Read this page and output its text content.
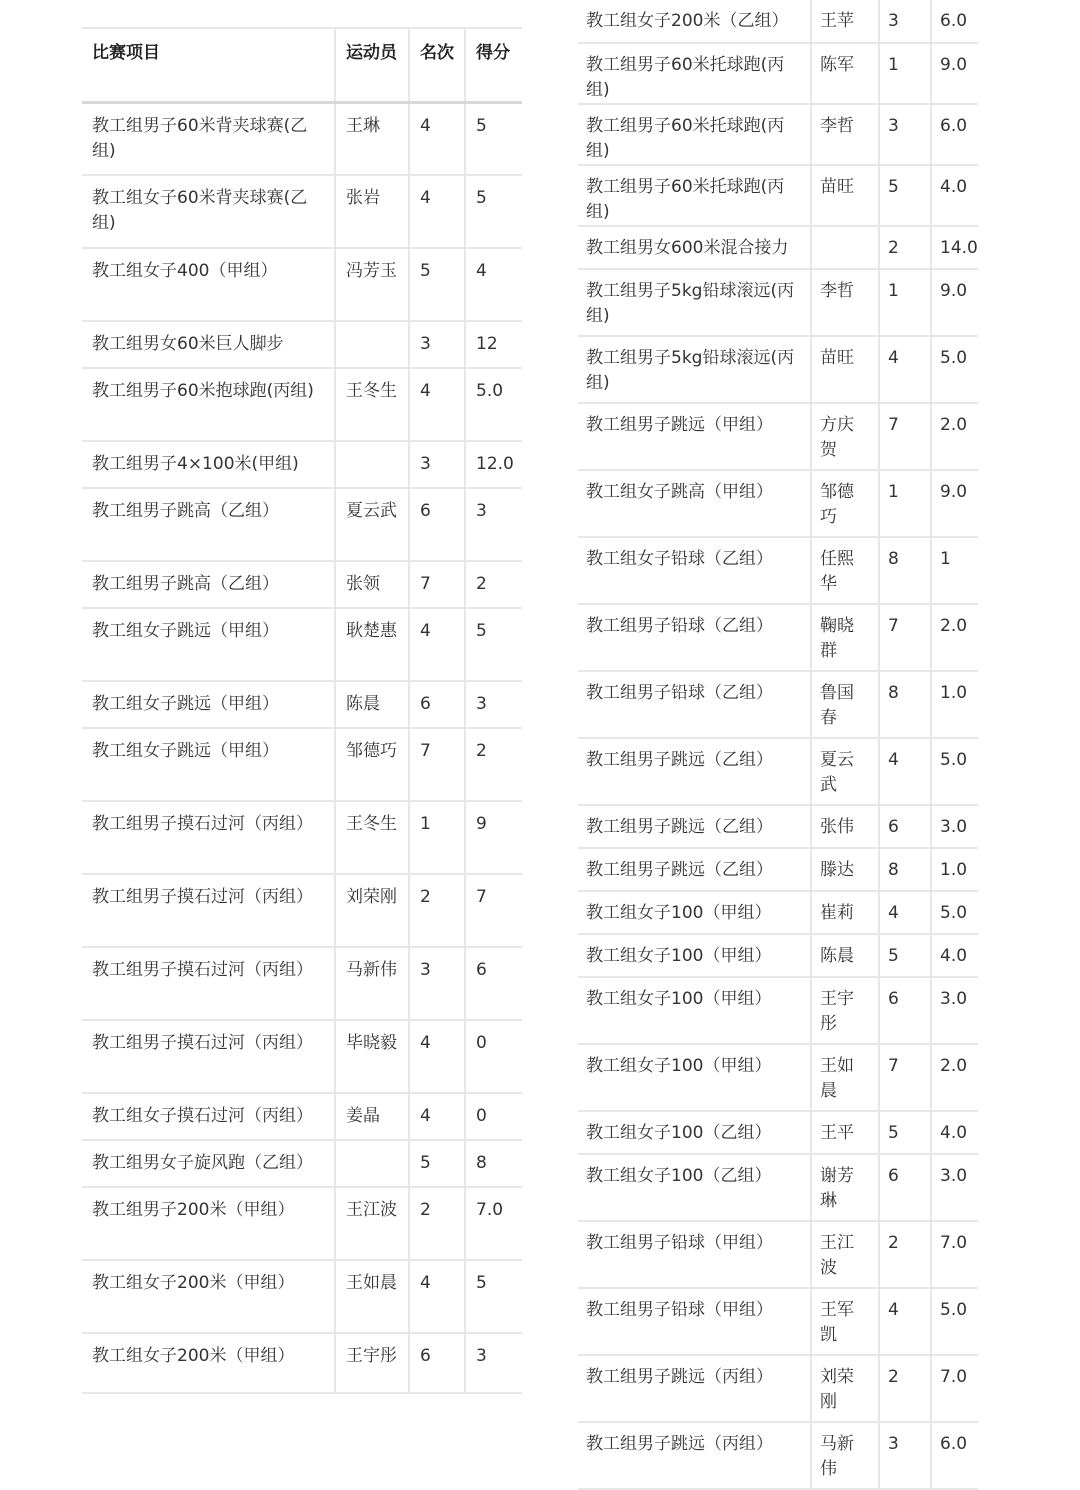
比赛项目	运动员	名次	得分
教工组男子60米背夹球赛(乙组)	王琳	4	5
教工组女子60米背夹球赛(乙组)	张岩	4	5
教工组女子400（甲组）	冯芳玉	5	4
教工组男女60米巨人脚步		3	12
教工组男子60米抱球跑(丙组)	王冬生	4	5.0
教工组男子4×100米(甲组)		3	12.0
教工组男子跳高（乙组）	夏云武	6	3
教工组男子跳高（乙组）	张领	7	2
教工组女子跳远（甲组）	耿楚惠	4	5
教工组女子跳远（甲组）	陈晨	6	3
教工组女子跳远（甲组）	邹德巧	7	2
教工组男子摸石过河（丙组）	王冬生	1	9
教工组男子摸石过河（丙组）	刘荣刚	2	7
教工组男子摸石过河（丙组）	马新伟	3	6
教工组男子摸石过河（丙组）	毕晓毅	4	0
教工组女子摸石过河（丙组）	姜晶	4	0
教工组男女子旋风跑（乙组）		5	8
教工组男子200米（甲组）	王江波	2	7.0
教工组女子200米（甲组）	王如晨	4	5
教工组女子200米（甲组）	王宇彤	6	3
教工组女子200米（乙组）	王苹	3	6.0
教工组男子60米托球跑(丙组)	陈军	1	9.0
教工组男子60米托球跑(丙组)	李哲	3	6.0
教工组男子60米托球跑(丙组)	苗旺	5	4.0
教工组男女600米混合接力		2	14.0
教工组男子5kg铅球滚远(丙组)	李哲	1	9.0
教工组男子5kg铅球滚远(丙组)	苗旺	4	5.0
教工组男子跳远（甲组）	方庆贺	7	2.0
教工组女子跳高（甲组）	邹德巧	1	9.0
教工组女子铅球（乙组）	任熙华	8	1
教工组男子铅球（乙组）	鞠晓群	7	2.0
教工组男子铅球（乙组）	鲁国春	8	1.0
教工组男子跳远（乙组）	夏云武	4	5.0
教工组男子跳远（乙组）	张伟	6	3.0
教工组男子跳远（乙组）	滕达	8	1.0
教工组女子100（甲组）	崔莉	4	5.0
教工组女子100（甲组）	陈晨	5	4.0
教工组女子100（甲组）	王宇彤	6	3.0
教工组女子100（甲组）	王如晨	7	2.0
教工组女子100（乙组）	王平	5	4.0
教工组女子100（乙组）	谢芳琳	6	3.0
教工组男子铅球（甲组）	王江波	2	7.0
教工组男子铅球（甲组）	王军凯	4	5.0
教工组男子跳远（丙组）	刘荣刚	2	7.0
教工组男子跳远（丙组）	马新伟	3	6.0
